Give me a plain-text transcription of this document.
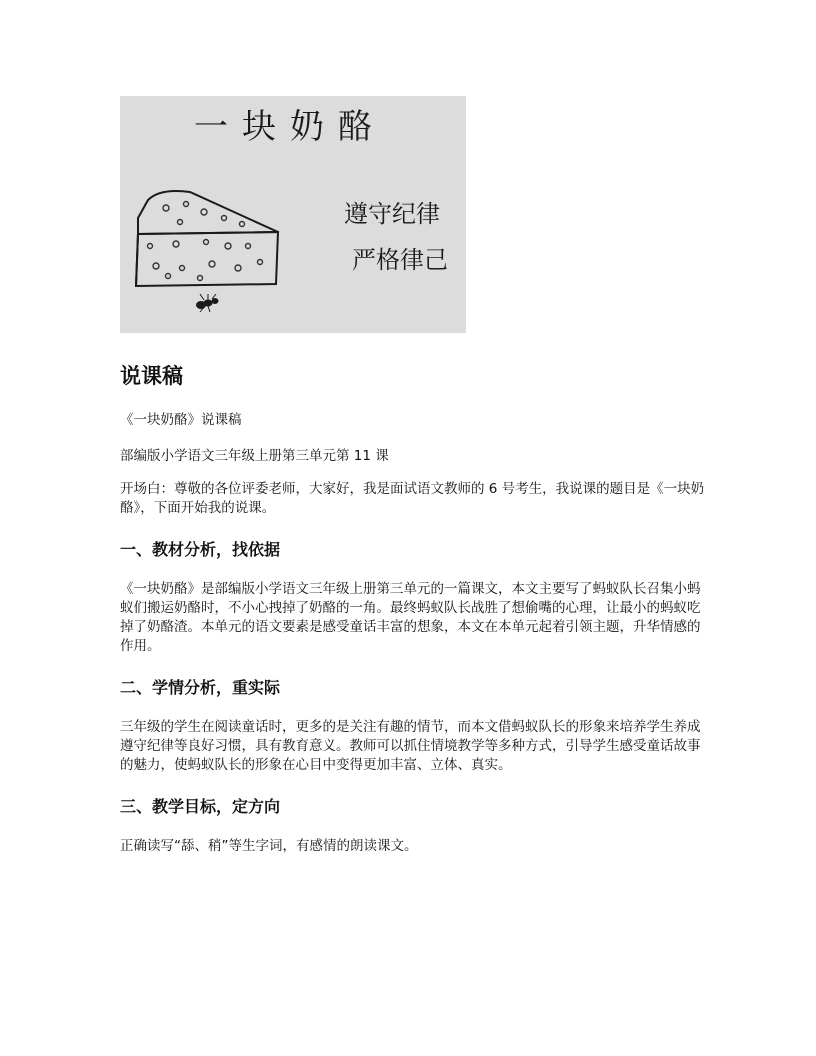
一块奶酪
遵守纪律
严格律己
说课稿

《一块奶酪》说课稿

部编版小学语文三年级上册第三单元第 11 课

开场白：尊敬的各位评委老师，大家好，我是面试语文教师的 6 号考生，我说课的题目是《一块奶酪》，下面开始我的说课。

一、教材分析，找依据

《一块奶酪》是部编版小学语文三年级上册第三单元的一篇课文，本文主要写了蚂蚁队长召集小蚂蚁们搬运奶酪时，不小心拽掉了奶酪的一角。最终蚂蚁队长战胜了想偷嘴的心理，让最小的蚂蚁吃掉了奶酪渣。本单元的语文要素是感受童话丰富的想象，本文在本单元起着引领主题，升华情感的作用。

二、学情分析，重实际

三年级的学生在阅读童话时，更多的是关注有趣的情节，而本文借蚂蚁队长的形象来培养学生养成遵守纪律等良好习惯，具有教育意义。教师可以抓住情境教学等多种方式，引导学生感受童话故事的魅力，使蚂蚁队长的形象在心目中变得更加丰富、立体、真实。

三、教学目标，定方向

正确读写“舔、稍”等生字词，有感情的朗读课文。
